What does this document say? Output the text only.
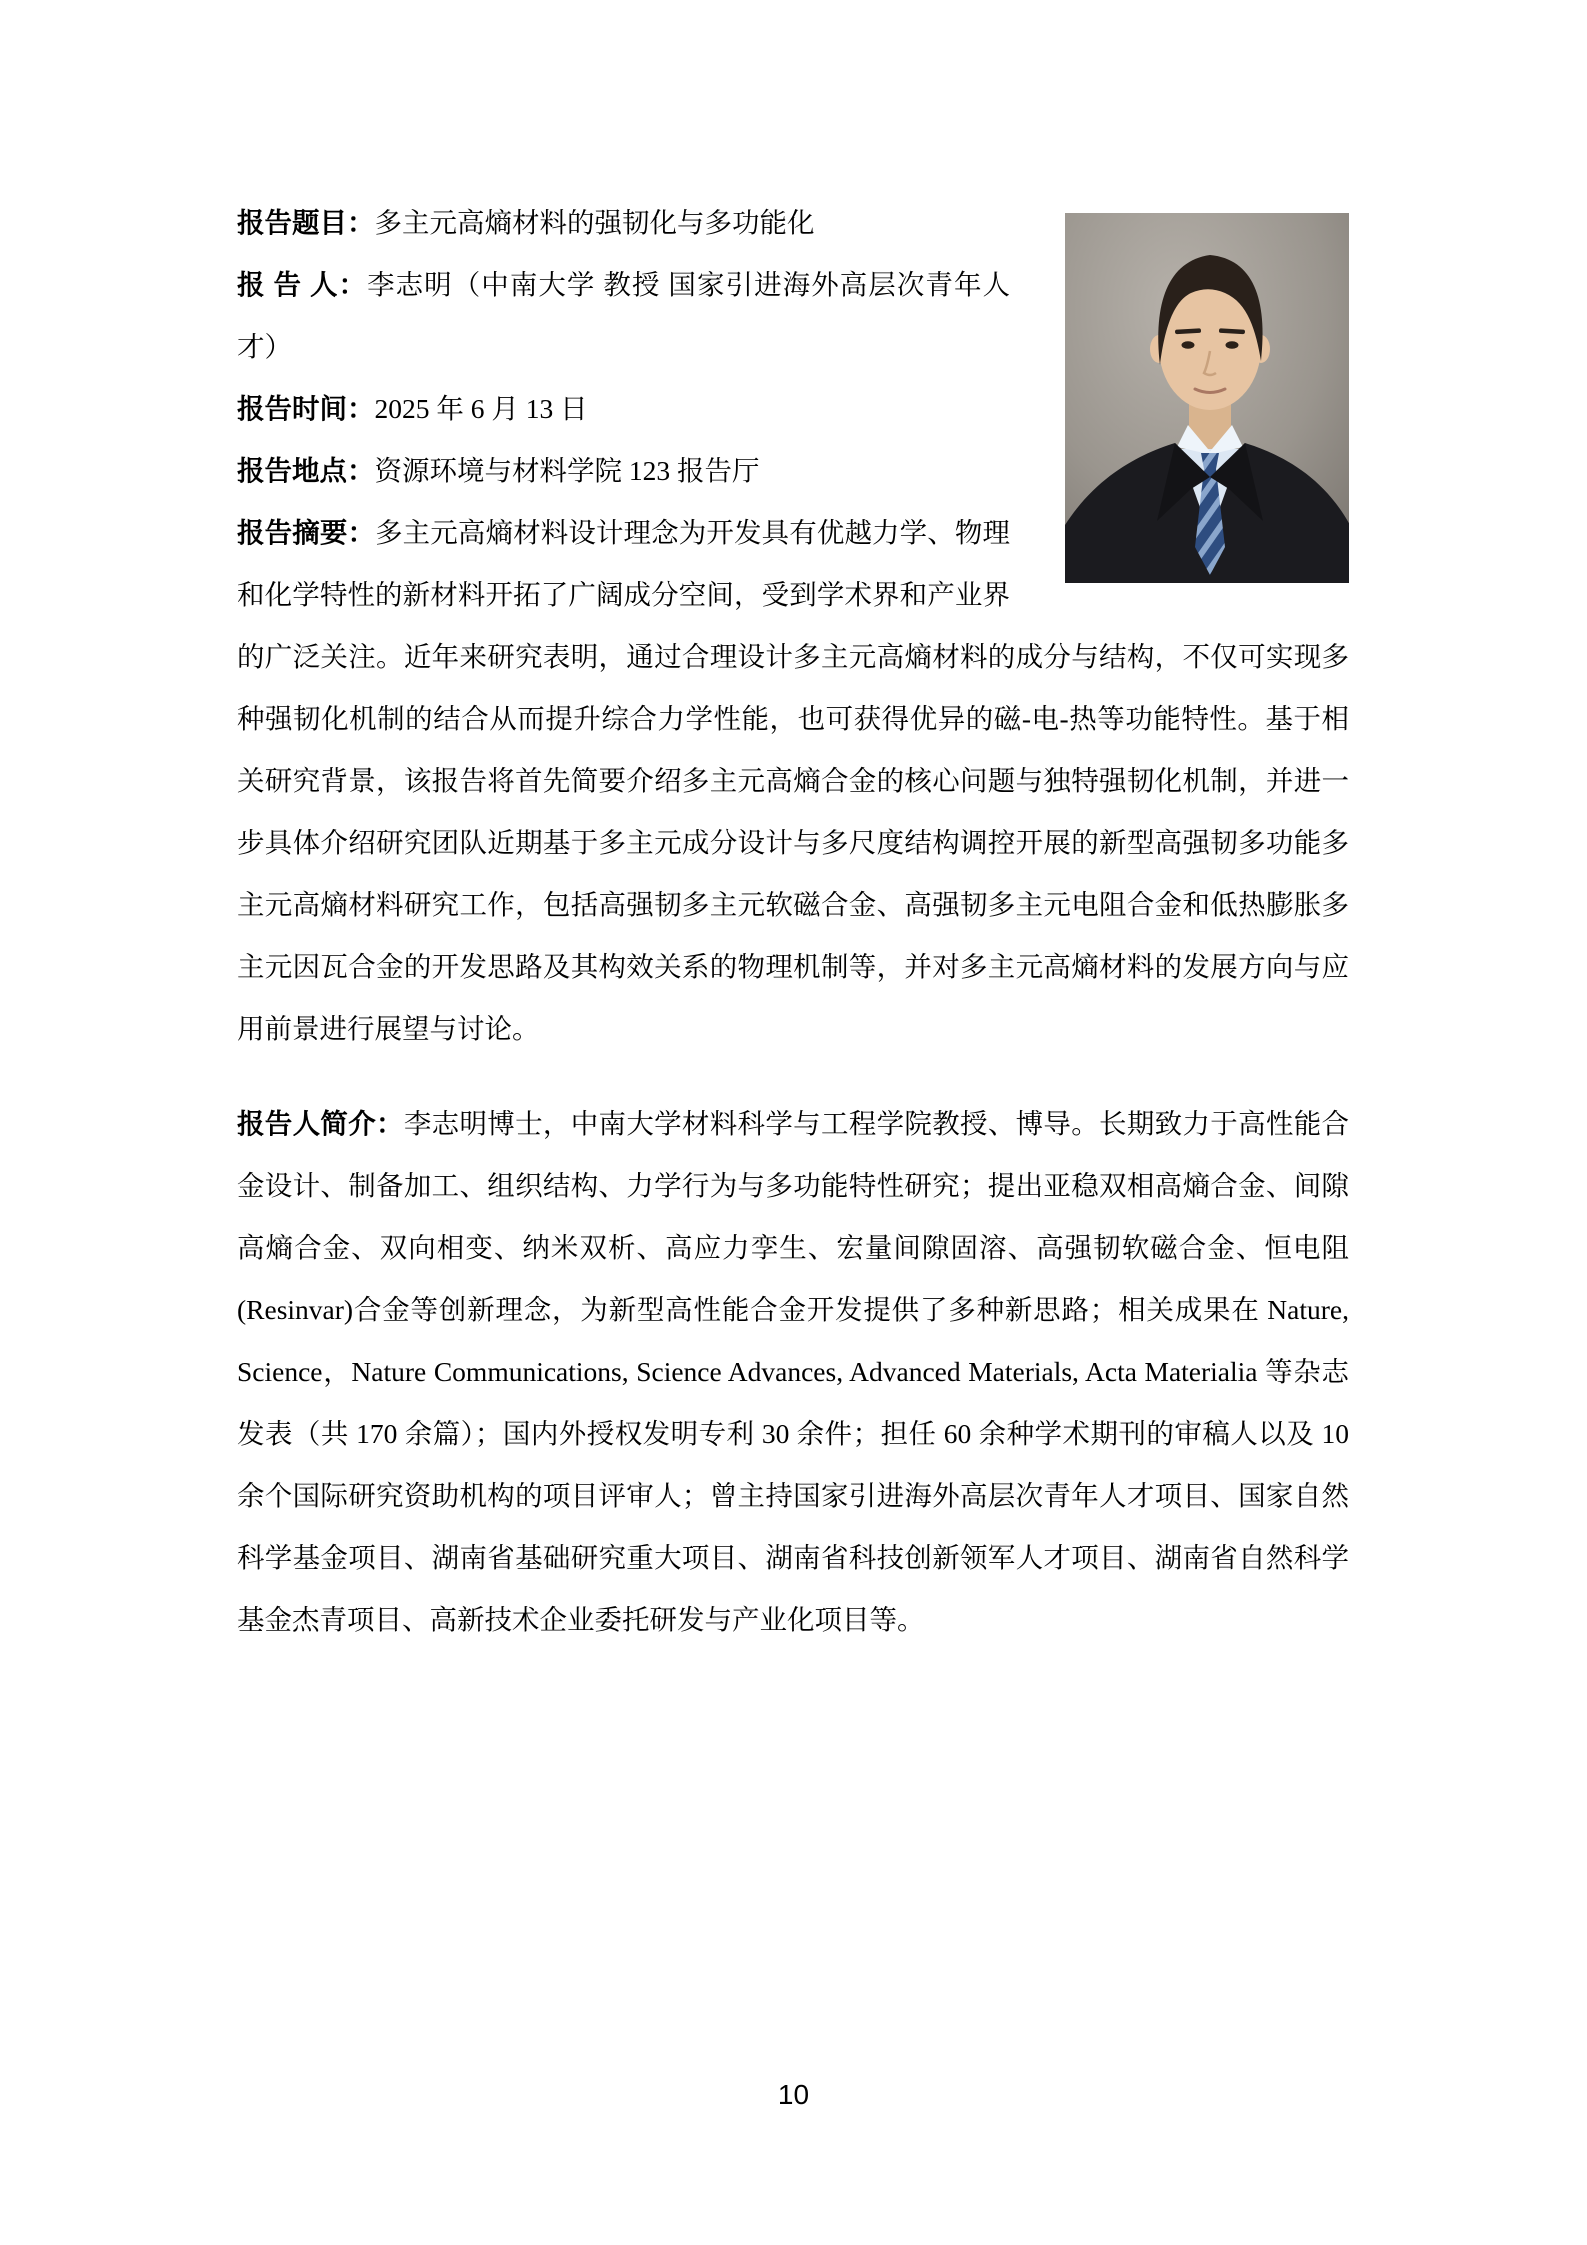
报告题目：多主元高熵材料的强韧化与多功能化

报 告 人：李志明（中南大学 教授 国家引进海外高层次青年人才）

报告时间：2025 年 6 月 13 日

报告地点：资源环境与材料学院 123 报告厅

报告摘要：多主元高熵材料设计理念为开发具有优越力学、物理和化学特性的新材料开拓了广阔成分空间，受到学术界和产业界的广泛关注。近年来研究表明，通过合理设计多主元高熵材料的成分与结构，不仅可实现多种强韧化机制的结合从而提升综合力学性能，也可获得优异的磁-电-热等功能特性。基于相关研究背景，该报告将首先简要介绍多主元高熵合金的核心问题与独特强韧化机制，并进一步具体介绍研究团队近期基于多主元成分设计与多尺度结构调控开展的新型高强韧多功能多主元高熵材料研究工作，包括高强韧多主元软磁合金、高强韧多主元电阻合金和低热膨胀多主元因瓦合金的开发思路及其构效关系的物理机制等，并对多主元高熵材料的发展方向与应用前景进行展望与讨论。

报告人简介：李志明博士，中南大学材料科学与工程学院教授、博导。长期致力于高性能合金设计、制备加工、组织结构、力学行为与多功能特性研究；提出亚稳双相高熵合金、间隙高熵合金、双向相变、纳米双析、高应力孪生、宏量间隙固溶、高强韧软磁合金、恒电阻(Resinvar)合金等创新理念，为新型高性能合金开发提供了多种新思路；相关成果在 Nature, Science，Nature Communications, Science Advances, Advanced Materials, Acta Materialia 等杂志发表（共 170 余篇）；国内外授权发明专利 30 余件；担任 60 余种学术期刊的审稿人以及 10 余个国际研究资助机构的项目评审人；曾主持国家引进海外高层次青年人才项目、国家自然科学基金项目、湖南省基础研究重大项目、湖南省科技创新领军人才项目、湖南省自然科学基金杰青项目、高新技术企业委托研发与产业化项目等。

10
